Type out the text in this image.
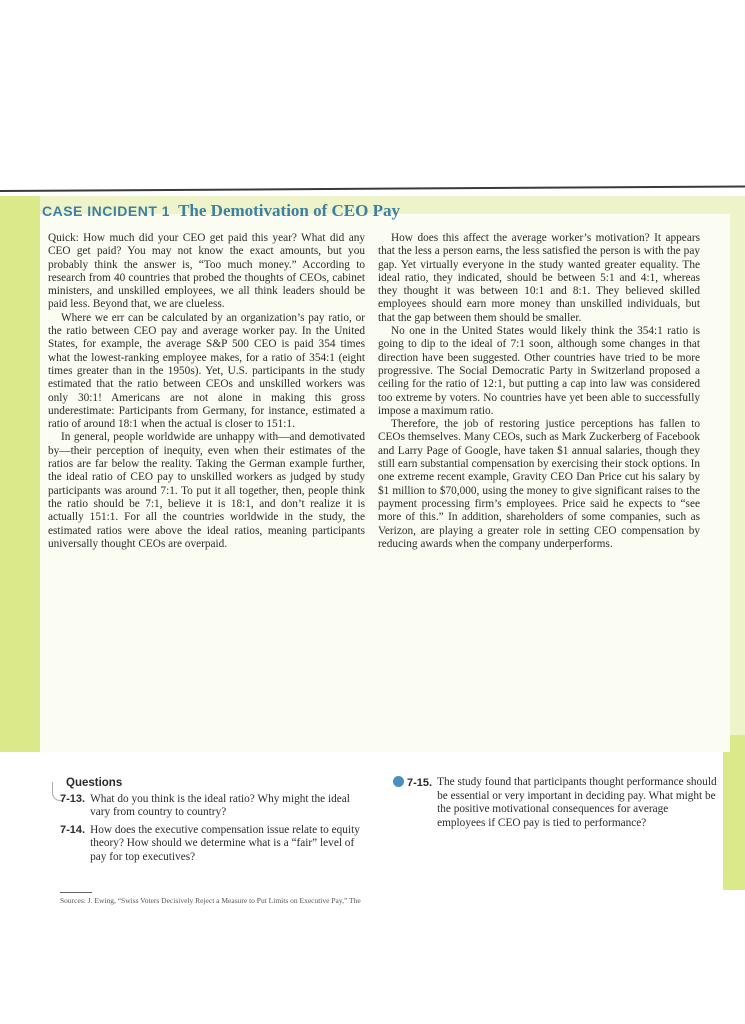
CASE INCIDENT 1 The Demotivation of CEO Pay

Quick: How much did your CEO get paid this year? What did any CEO get paid? You may not know the exact amounts, but you probably think the answer is, “Too much money.” According to research from 40 countries that probed the thoughts of CEOs, cabinet ministers, and unskilled employees, we all think leaders should be paid less. Beyond that, we are clueless.

Where we err can be calculated by an organization’s pay ratio, or the ratio between CEO pay and average worker pay. In the United States, for example, the average S&P 500 CEO is paid 354 times what the lowest-ranking employee makes, for a ratio of 354:1 (eight times greater than in the 1950s). Yet, U.S. participants in the study estimated that the ratio between CEOs and unskilled workers was only 30:1! Americans are not alone in making this gross underestimate: Participants from Germany, for instance, estimated a ratio of around 18:1 when the actual is closer to 151:1.

In general, people worldwide are unhappy with—and demotivated by—their perception of inequity, even when their estimates of the ratios are far below the reality. Taking the German example further, the ideal ratio of CEO pay to unskilled workers as judged by study participants was around 7:1. To put it all together, then, people think the ratio should be 7:1, believe it is 18:1, and don’t realize it is actually 151:1. For all the countries worldwide in the study, the estimated ratios were above the ideal ratios, meaning participants universally thought CEOs are overpaid.

How does this affect the average worker’s motivation? It appears that the less a person earns, the less satisfied the person is with the pay gap. Yet virtually everyone in the study wanted greater equality. The ideal ratio, they indicated, should be between 5:1 and 4:1, whereas they thought it was between 10:1 and 8:1. They believed skilled employees should earn more money than unskilled individuals, but that the gap between them should be smaller.

No one in the United States would likely think the 354:1 ratio is going to dip to the ideal of 7:1 soon, although some changes in that direction have been suggested. Other countries have tried to be more progressive. The Social Democratic Party in Switzerland proposed a ceiling for the ratio of 12:1, but putting a cap into law was considered too extreme by voters. No countries have yet been able to successfully impose a maximum ratio.

Therefore, the job of restoring justice perceptions has fallen to CEOs themselves. Many CEOs, such as Mark Zuckerberg of Facebook and Larry Page of Google, have taken $1 annual salaries, though they still earn substantial compensation by exercising their stock options. In one extreme recent example, Gravity CEO Dan Price cut his salary by $1 million to $70,000, using the money to give significant raises to the payment processing firm’s employees. Price said he expects to “see more of this.” In addition, shareholders of some companies, such as Verizon, are playing a greater role in setting CEO compensation by reducing awards when the company underperforms.

Questions
7-13. What do you think is the ideal ratio? Why might the ideal vary from country to country?
7-14. How does the executive compensation issue relate to equity theory? How should we determine what is a “fair” level of pay for top executives?
7-15. The study found that participants thought performance should be essential or very important in deciding pay. What might be the positive motivational consequences for average employees if CEO pay is tied to performance?
Sources: J. Ewing, “Swiss Voters Decisively Reject a Measure to Put Limits on Executive Pay,” The
